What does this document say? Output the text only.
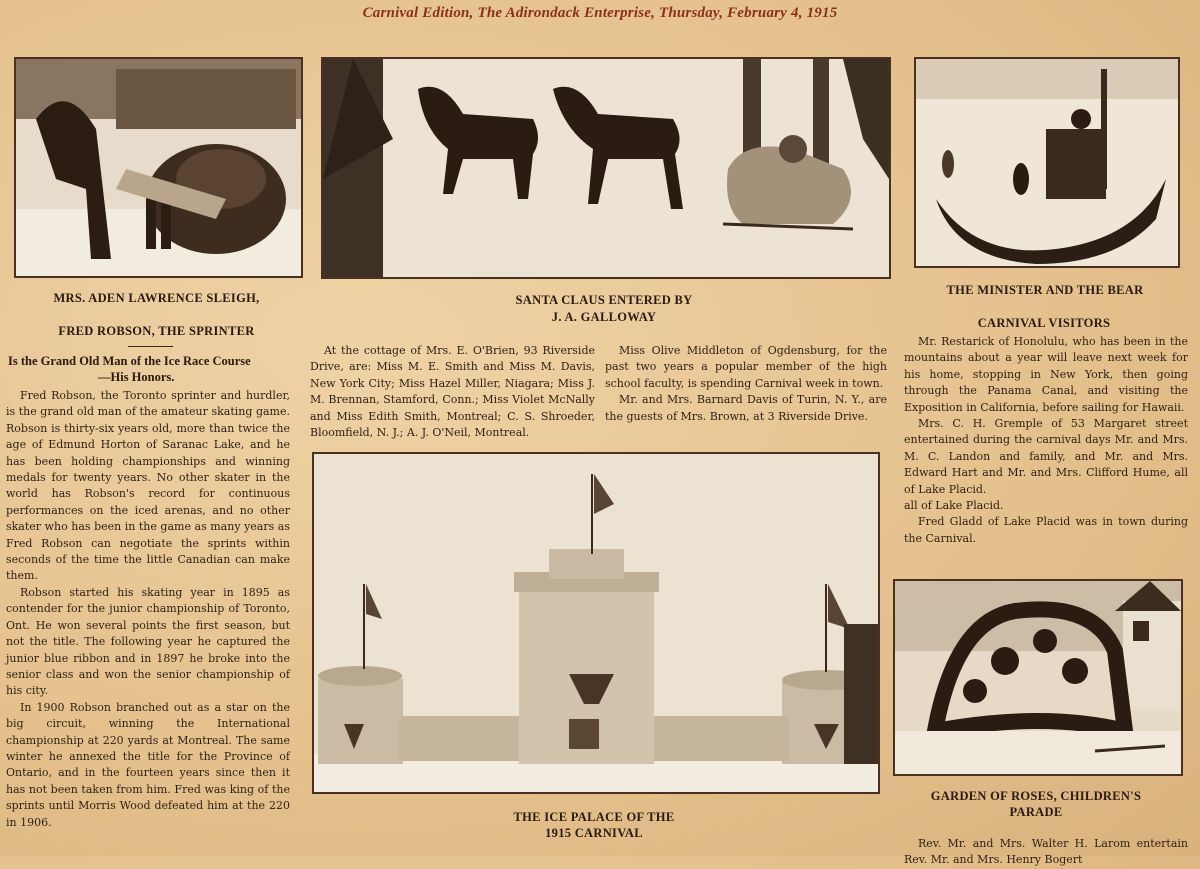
Carnival Edition, The Adirondack Enterprise, Thursday, February 4, 1915
MRS. ADEN LAWRENCE SLEIGH,	SANTA CLAUS ENTERED BY
J. A. GALLOWAY
THE MINISTER AND THE BEAR
FRED ROBSON, THE SPRINTER
Is the Grand Old Man of the Ice Race Course
—His Honors.

Fred Robson, the Toronto sprinter and hurdler, is the grand old man of the amateur skating game. Robson is thirty-six years old, more than twice the age of Edmund Horton of Saranac Lake, and he has been holding championships and winning medals for twenty years. No other skater in the world has Robson's record for continuous performances on the iced arenas, and no other skater who has been in the game as many years as Fred Robson can negotiate the sprints within seconds of the time the little Canadian can make them.

Robson started his skating year in 1895 as contender for the junior championship of Toronto, Ont. He won several points the first season, but not the title. The following year he captured the junior blue ribbon and in 1897 he broke into the senior class and won the senior championship of his city.

In 1900 Robson branched out as a star on the big circuit, winning the International championship at 220 yards at Montreal. The same winter he annexed the title for the Province of Ontario, and in the fourteen years since then it has not been taken from him. Fred was king of the sprints until Morris Wood defeated him at the 220 in 1906.

At the cottage of Mrs. E. O'Brien, 93 Riverside Drive, are: Miss M. E. Smith and Miss M. Davis, New York City; Miss Hazel Miller, Niagara; Miss J. M. Brennan, Stamford, Conn.; Miss Violet McNally and Miss Edith Smith, Montreal; C. S. Shroeder, Bloomfield, N. J.; A. J. O'Neil, Montreal.

Miss Olive Middleton of Ogdensburg, for the past two years a popular member of the high school faculty, is spending Carnival week in town.

Mr. and Mrs. Barnard Davis of Turin, N. Y., are the guests of Mrs. Brown, at 3 Riverside Drive.

THE ICE PALACE OF THE
1915 CARNIVAL
CARNIVAL VISITORS

Mr. Restarick of Honolulu, who has been in the mountains about a year will leave next week for his home, stopping in New York, then going through the Panama Canal, and visiting the Exposition in California, before sailing for Hawaii.

Mrs. C. H. Gremple of 53 Margaret street entertained during the carnival days Mr. and Mrs. M. C. Landon and family, and Mr. and Mrs. Edward Hart and Mr. and Mrs. Clifford Hume, all of Lake Placid.

all of Lake Placid.

Fred Gladd of Lake Placid was in town during the Carnival.

GARDEN OF ROSES, CHILDREN'S
PARADE

Rev. Mr. and Mrs. Walter H. Larom entertain Rev. Mr. and Mrs. Henry Bogert
